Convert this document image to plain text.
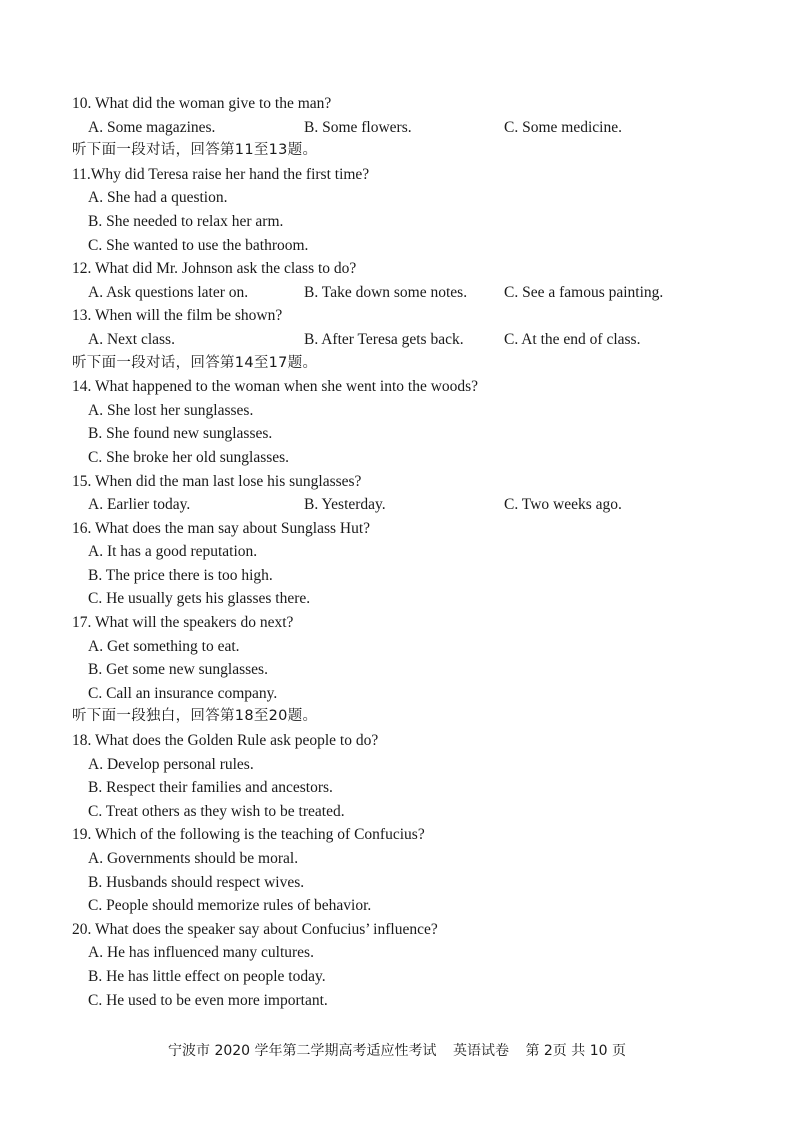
10. What did the woman give to the man?
A. Some magazines.	B. Some flowers.	C. Some medicine.
听下面一段对话，回答第11至13题。
11.Why did Teresa raise her hand the first time?
A. She had a question.
B. She needed to relax her arm.
C. She wanted to use the bathroom.
12. What did Mr. Johnson ask the class to do?
A. Ask questions later on.	B. Take down some notes. C. See a famous painting.
13. When will the film be shown?
A. Next class.	B. After Teresa gets back.	C. At the end of class.
听下面一段对话，回答第14至17题。
14. What happened to the woman when she went into the woods?
A. She lost her sunglasses.
B. She found new sunglasses.
C. She broke her old sunglasses.
15. When did the man last lose his sunglasses?
A. Earlier today.	B. Yesterday.	C. Two weeks ago.
16. What does the man say about Sunglass Hut?
A. It has a good reputation.
B. The price there is too high.
C. He usually gets his glasses there.
17. What will the speakers do next?
A. Get something to eat.
B. Get some new sunglasses.
C. Call an insurance company.
听下面一段独白，回答第18至20题。
18. What does the Golden Rule ask people to do?
A. Develop personal rules.
B. Respect their families and ancestors.
C. Treat others as they wish to be treated.
19. Which of the following is the teaching of Confucius?
A. Governments should be moral.
B. Husbands should respect wives.
C. People should memorize rules of behavior.
20. What does the speaker say about Confucius’ influence?
A. He has influenced many cultures.
B. He has little effect on people today.
C. He used to be even more important.
宁波市 2020 学年第二学期高考适应性考试 英语试卷 第 2页 共 10 页
